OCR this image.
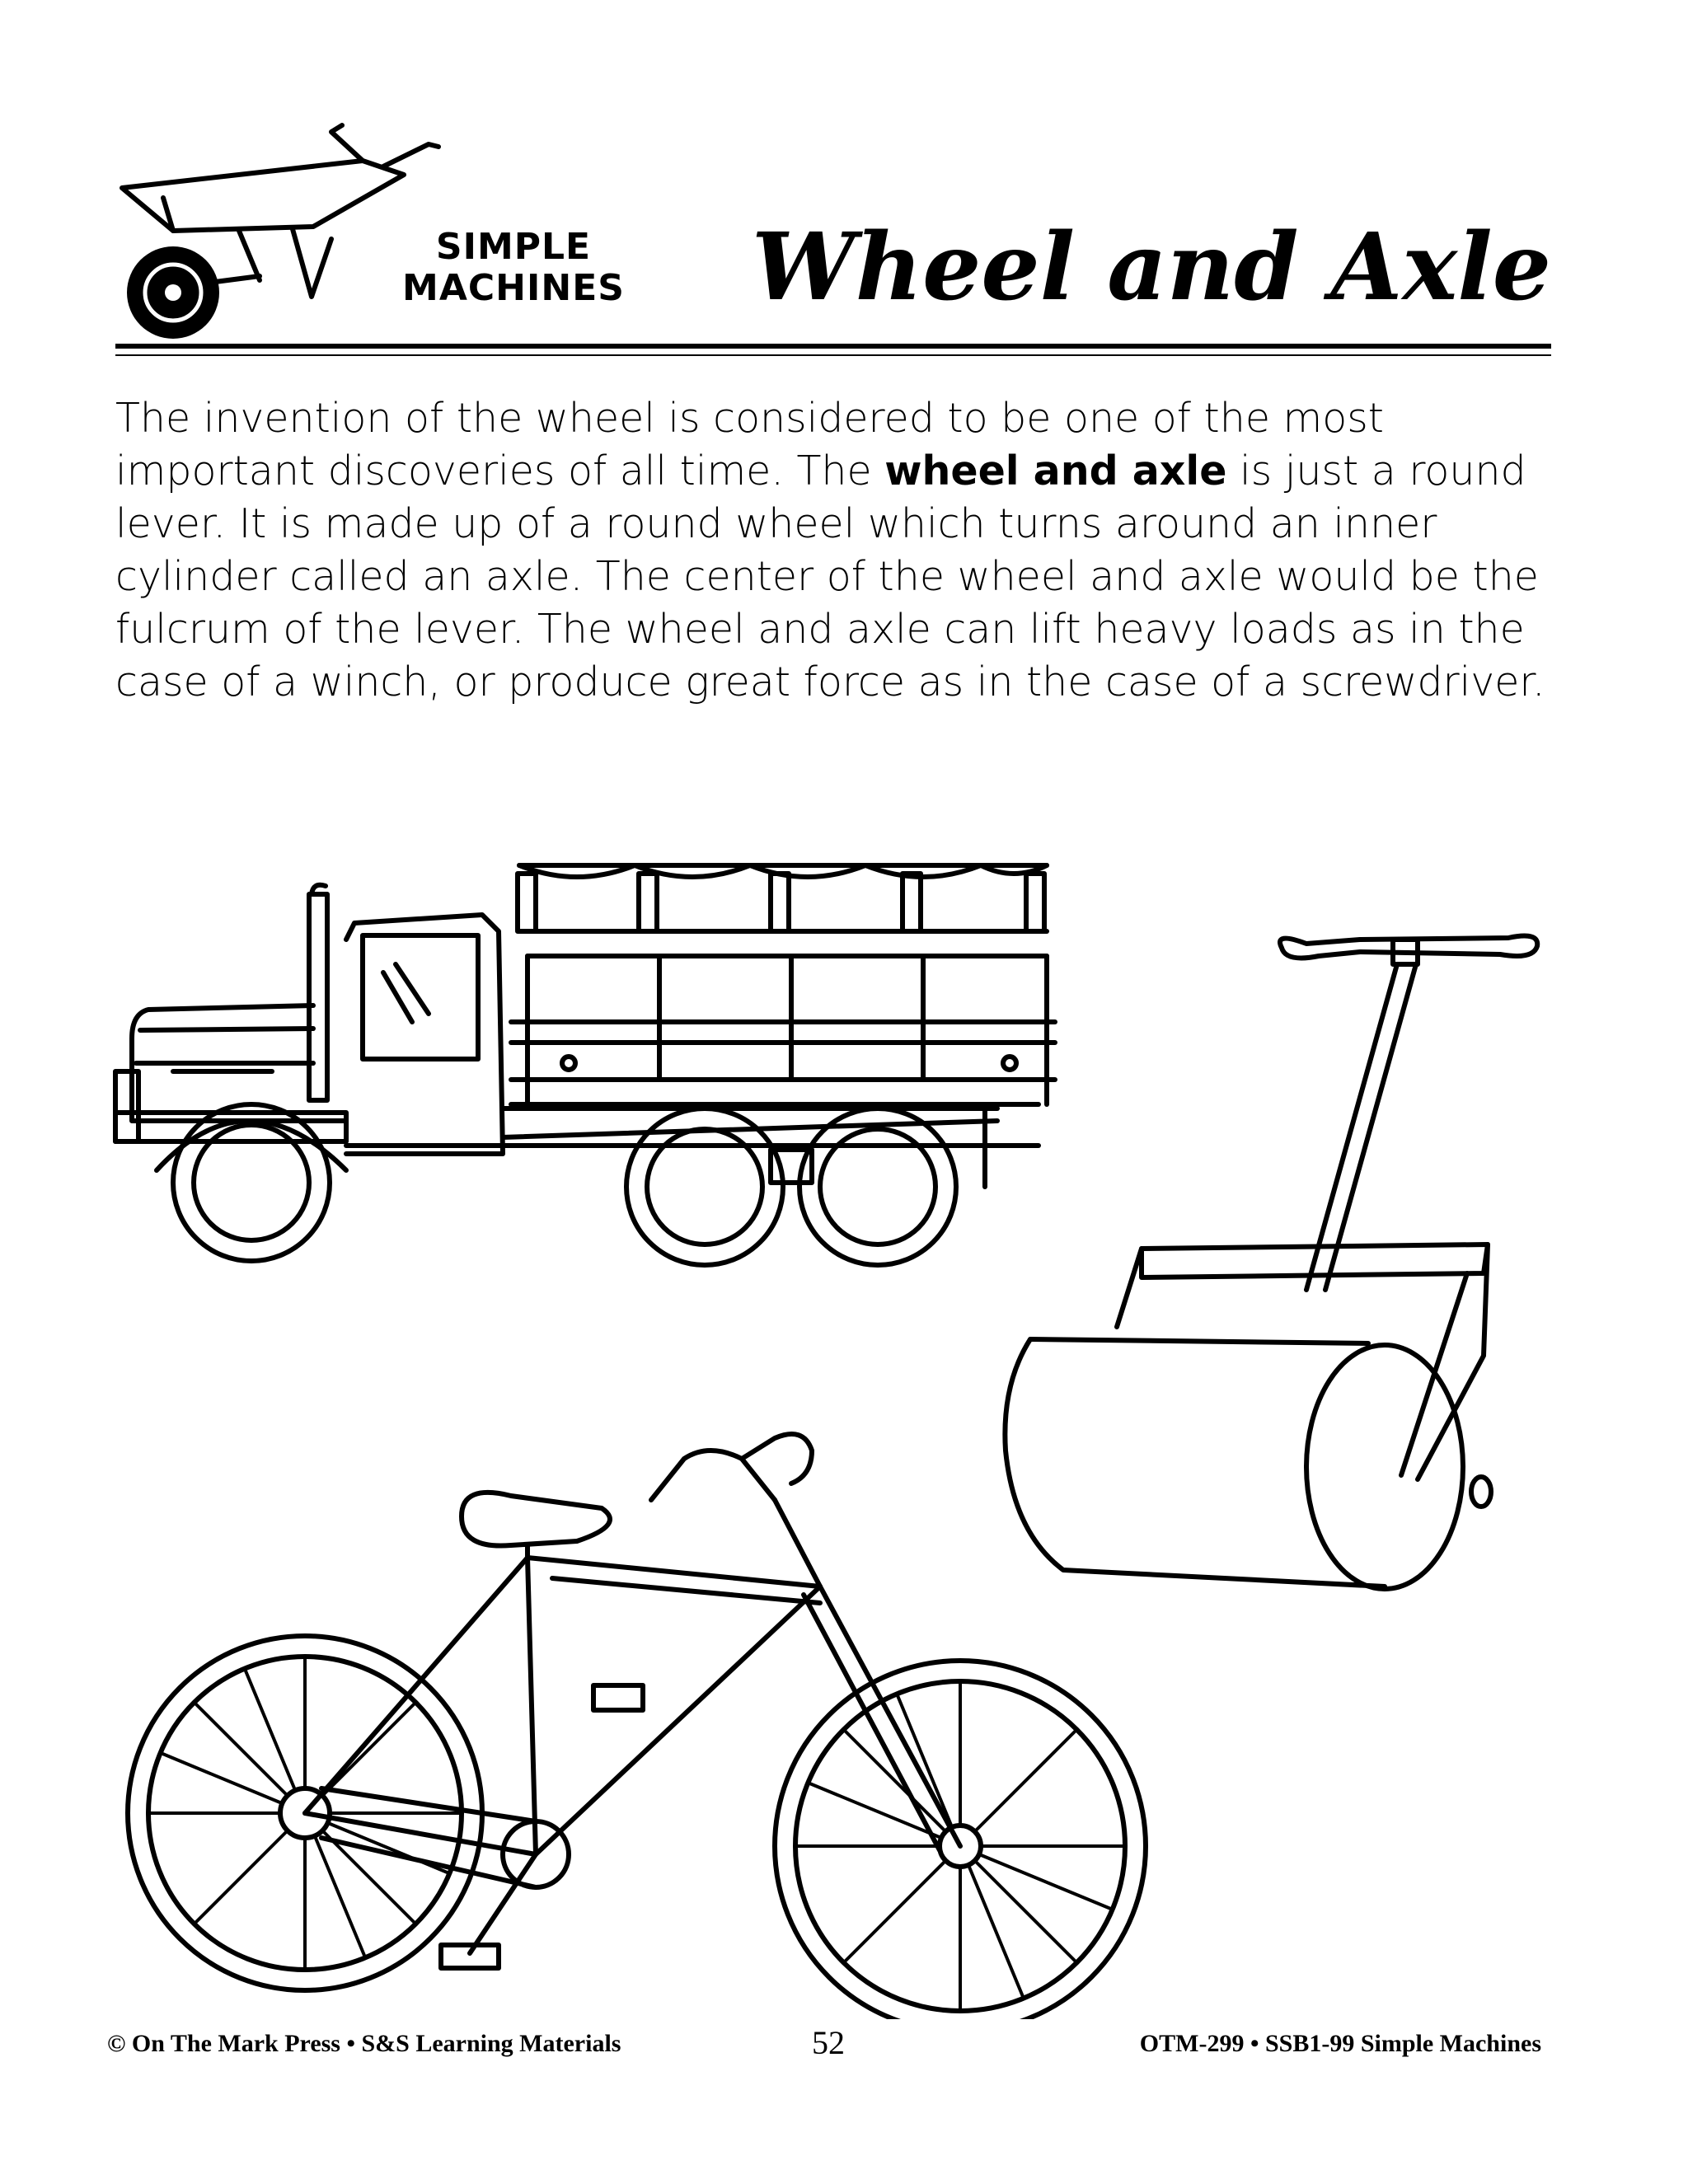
SIMPLE
MACHINES	Wheel and Axle

The invention of the wheel is considered to be one of the most important discoveries of all time. The wheel and axle is just a round lever. It is made up of a round wheel which turns around an inner cylinder called an axle. The center of the wheel and axle would be the fulcrum of the lever. The wheel and axle can lift heavy loads as in the case of a winch, or produce great force as in the case of a screwdriver.

© On The Mark Press • S&S Learning Materials	52	OTM-299 • SSB1-99 Simple Machines
